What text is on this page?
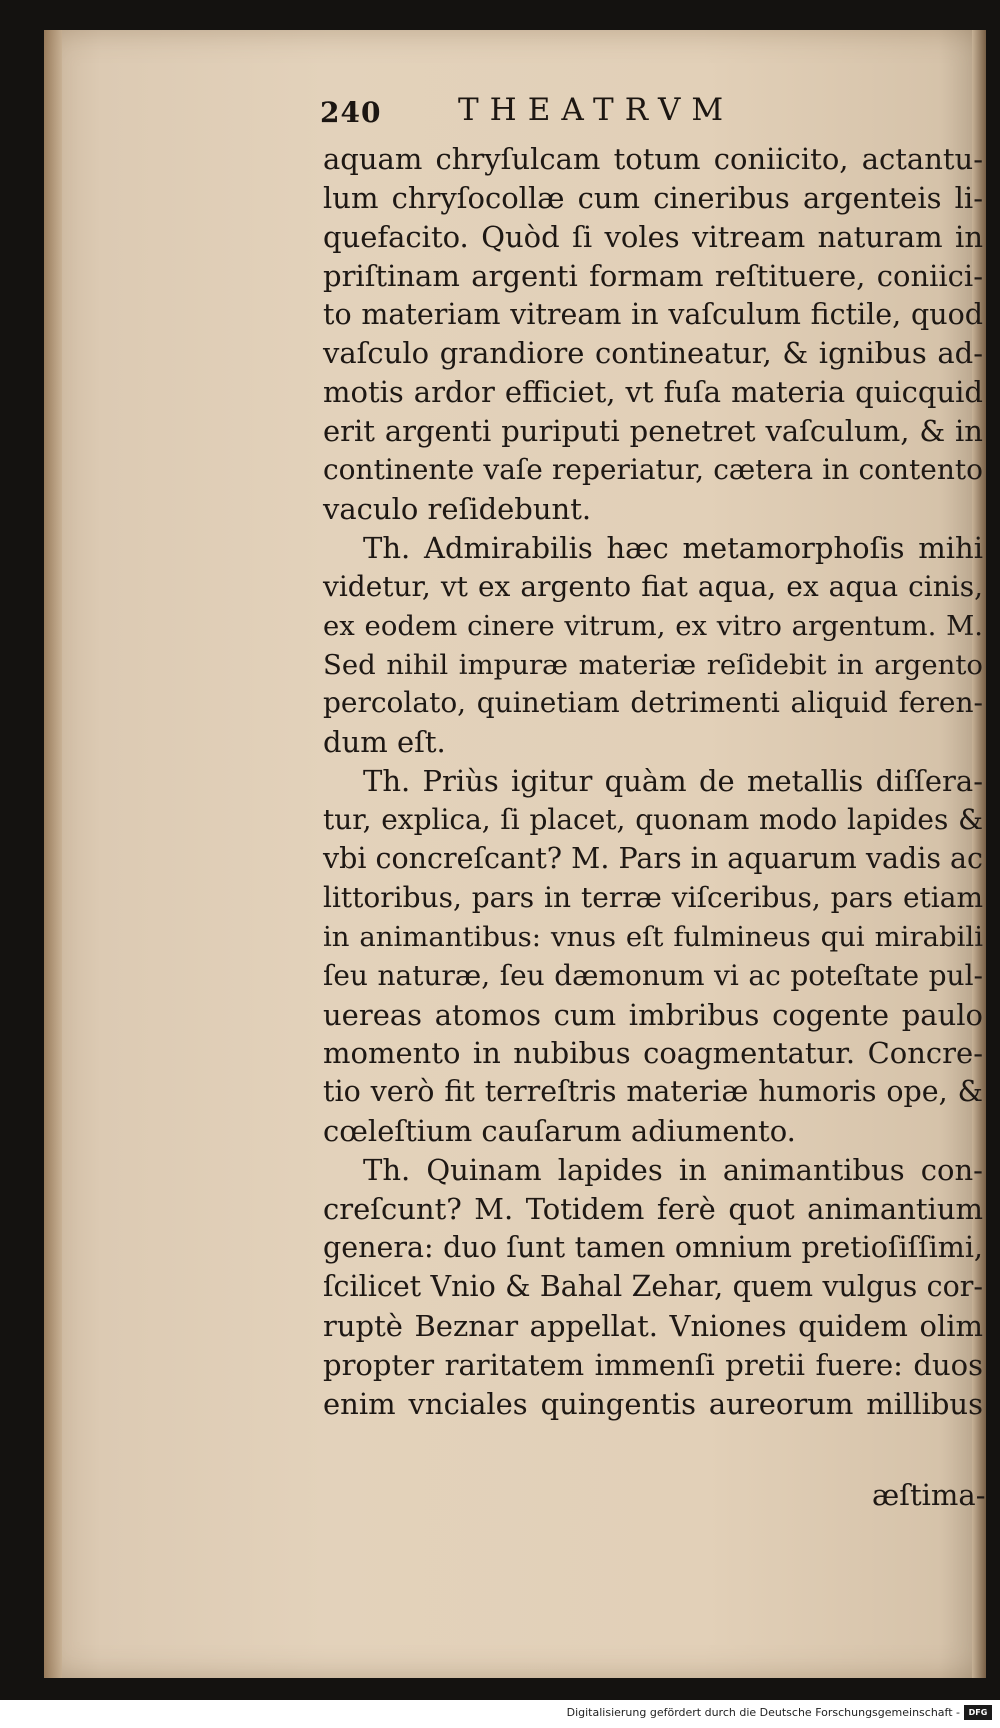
240 THEATRVM
aquam chryſulcam totum coniicito, actantu-
lum chryſocollæ cum cineribus argenteis li-
quefacito. Quòd ſi voles vitream naturam in
priſtinam argenti formam reſtituere, coniici-
to materiam vitream in vaſculum fictile, quod
vaſculo grandiore contineatur, & ignibus ad-
motis ardor efficiet, vt fuſa materia quicquid
erit argenti puriputi penetret vaſculum, & in
continente vaſe reperiatur, cætera in contento
vaculo reſidebunt.
Th. Admirabilis hæc metamorphoſis mihi
videtur, vt ex argento fiat aqua, ex aqua cinis,
ex eodem cinere vitrum, ex vitro argentum. M.
Sed nihil impuræ materiæ reſidebit in argento
percolato, quinetiam detrimenti aliquid feren-
dum eſt.
Th. Priùs igitur quàm de metallis diſſera-
tur, explica, ſi placet, quonam modo lapides &
vbi concreſcant? M. Pars in aquarum vadis ac
littoribus, pars in terræ viſceribus, pars etiam
in animantibus: vnus eſt fulmineus qui mirabili
ſeu naturæ, ſeu dæmonum vi ac poteſtate pul-
uereas atomos cum imbribus cogente paulo
momento in nubibus coagmentatur. Concre-
tio verò fit terreſtris materiæ humoris ope, &
cœleſtium cauſarum adiumento.
Th. Quinam lapides in animantibus con-
creſcunt? M. Totidem ferè quot animantium
genera: duo ſunt tamen omnium pretioſiſſimi,
ſcilicet Vnio & Bahal Zehar, quem vulgus cor-
ruptè Beznar appellat. Vniones quidem olim
propter raritatem immenſi pretii fuere: duos
enim vnciales quingentis aureorum millibus
æſtima-
Digitalisierung gefördert durch die Deutsche Forschungsgemeinschaft -	DFG
